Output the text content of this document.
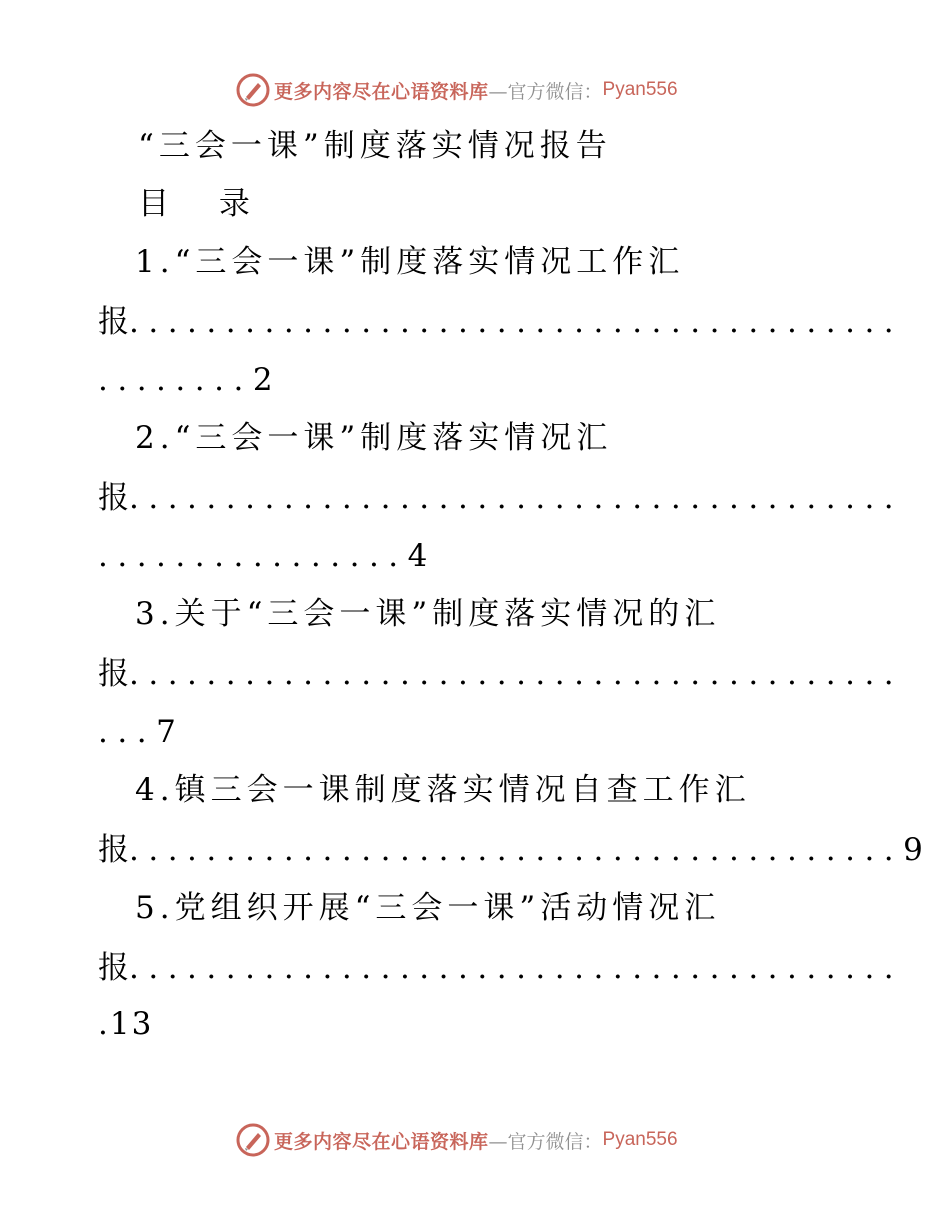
更多内容尽在心语资料库 —官方微信： Pyan556
“三会一课”制度落实情况报告
目 录
1.“三会一课”制度落实情况工作汇
报 ........................................
........2
2.“三会一课”制度落实情况汇
报 ........................................
................4
3.关于“三会一课”制度落实情况的汇
报 ........................................
...7
4.镇三会一课制度落实情况自查工作汇
报 ........................................ 9
5.党组织开展“三会一课”活动情况汇
报 ........................................
.13
更多内容尽在心语资料库 —官方微信： Pyan556
